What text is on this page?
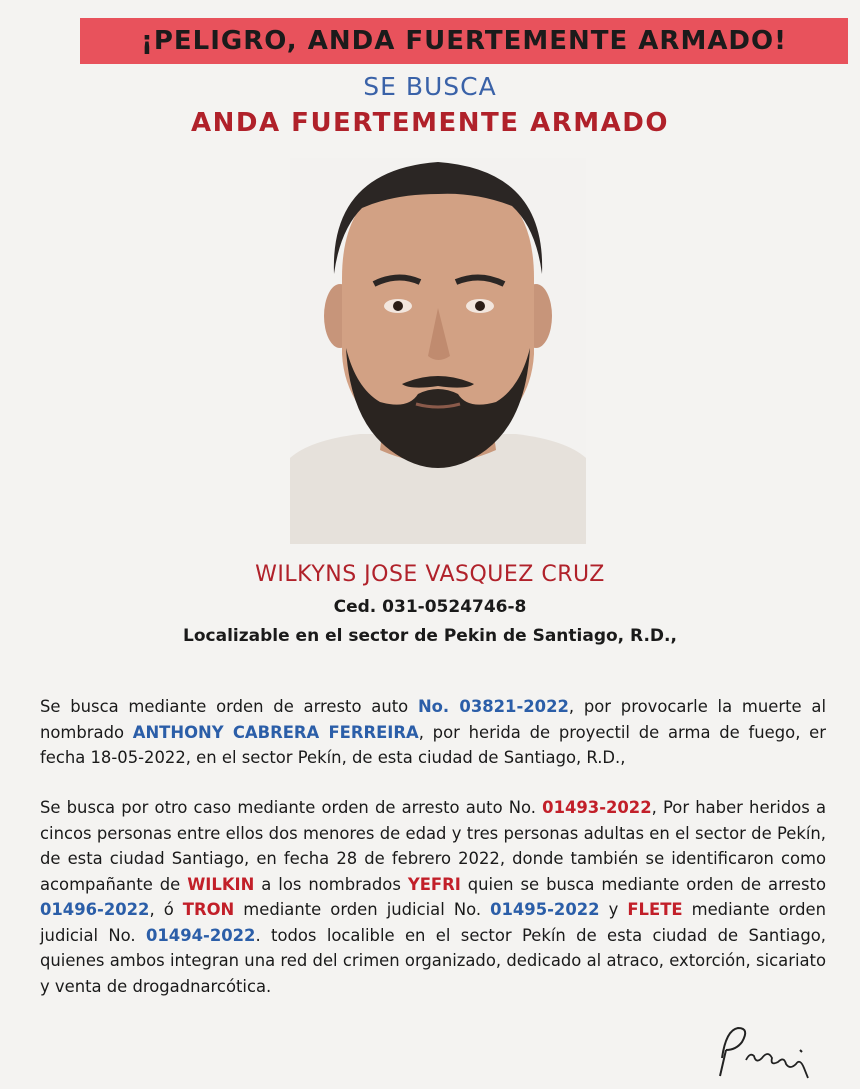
¡PELIGRO, ANDA FUERTEMENTE ARMADO!
SE BUSCA
ANDA FUERTEMENTE ARMADO
WILKYNS JOSE VASQUEZ CRUZ
Ced. 031-0524746-8
Localizable en el sector de Pekin de Santiago, R.D.,
Se busca mediante orden de arresto auto No. 03821-2022, por provocarle la muerte al nombrado ANTHONY CABRERA FERREIRA, por herida de proyectil de arma de fuego, er fecha 18-05-2022, en el sector Pekín, de esta ciudad de Santiago, R.D.,
Se busca por otro caso mediante orden de arresto auto No. 01493-2022, Por haber heridos a cincos personas entre ellos dos menores de edad y tres personas adultas en el sector de Pekín, de esta ciudad Santiago, en fecha 28 de febrero 2022, donde también se identificaron como acompañante de WILKIN a los nombrados YEFRI quien se busca mediante orden de arresto 01496-2022, ó TRON mediante orden judicial No. 01495-2022 y FLETE mediante orden judicial No. 01494-2022. todos localible en el sector Pekín de esta ciudad de Santiago, quienes ambos integran una red del crimen organizado, dedicado al atraco, extorción, sicariato y venta de drogadnarcótica.
